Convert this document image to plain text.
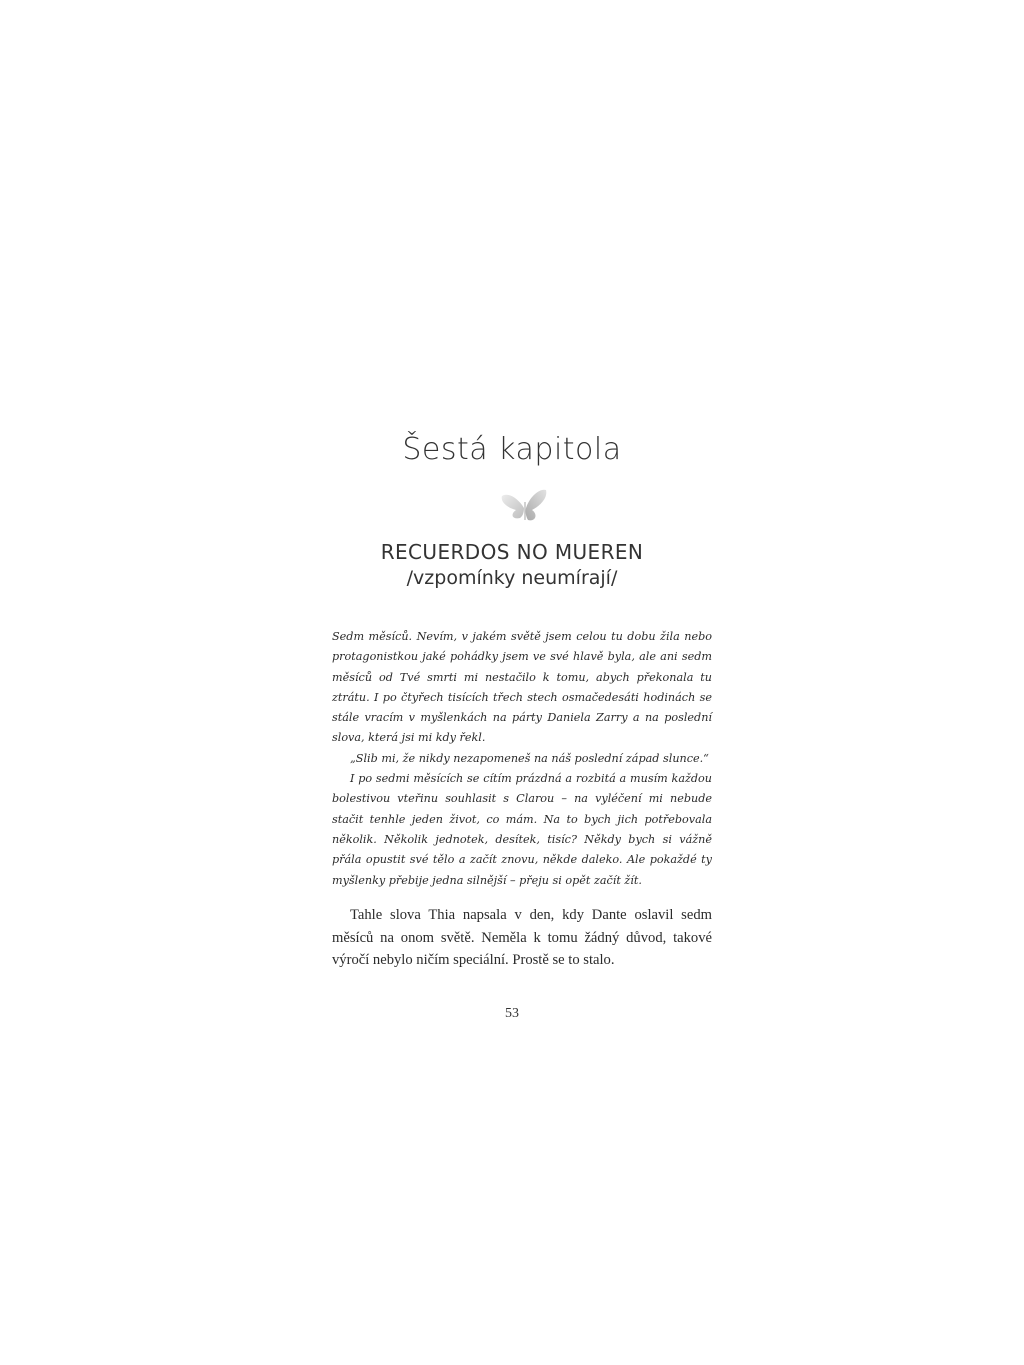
Šestá kapitola
RECUERDOS NO MUEREN
/vzpomínky neumírají/

Sedm měsíců. Nevím, v jakém světě jsem celou tu dobu žila nebo protagonistkou jaké pohádky jsem ve své hlavě byla, ale ani sedm měsíců od Tvé smrti mi nestačilo k tomu, abych překonala tu ztrátu. I po čtyřech tisících třech stech osmačedesáti hodinách se stále vracím v myšlenkách na párty Daniela Zarry a na poslední slova, která jsi mi kdy řekl.

„Slib mi, že nikdy nezapomeneš na náš poslední západ slunce.“

I po sedmi měsících se cítím prázdná a rozbitá a musím každou bolestivou vteřinu souhlasit s Clarou – na vyléčení mi nebude stačit tenhle jeden život, co mám. Na to bych jich potřebovala několik. Několik jednotek, desítek, tisíc? Někdy bych si vážně přála opustit své tělo a začít znovu, někde daleko. Ale pokaždé ty myšlenky přebije jedna silnější – přeju si opět začít žít.

Tahle slova Thia napsala v den, kdy Dante oslavil sedm měsíců na onom světě. Neměla k tomu žádný důvod, takové výročí nebylo ničím speciální. Prostě se to stalo.

53
